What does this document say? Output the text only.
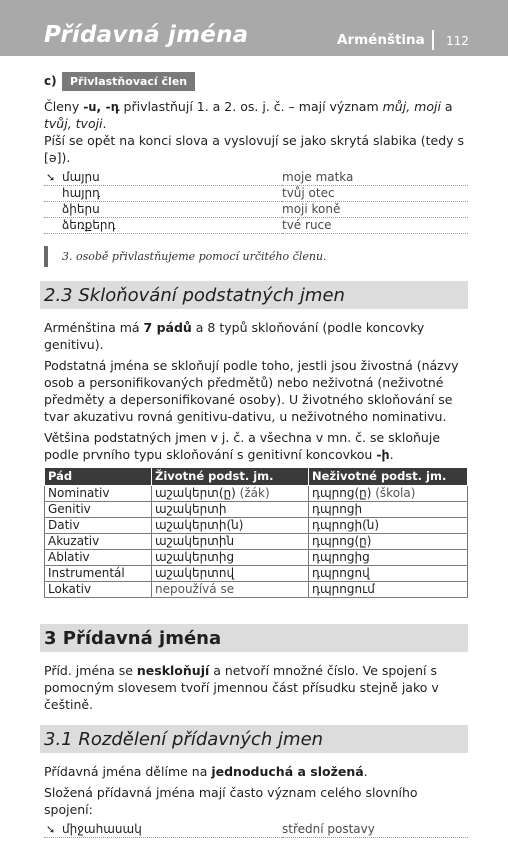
Přídavná jména	Arménština 112
c)	Přivlastňovací člen

Členy -ս, -դ přivlastňují 1. a 2. os. j. č. – mají význam můj, moji a tvůj, tvoji.
Píší se opět na konci slova a vyslovují se jako skrytá slabika (tedy s [ə]).

➘ մայրս	moje matka
հայրդ	tvůj otec
ձիերս	moji koně
ձեռքերդ	tvé ruce
3. osobě přivlastňujeme pomocí určitého členu.
2.3 Skloňování podstatných jmen

Arménština má 7 pádů a 8 typů skloňování (podle koncovky genitivu).

Podstatná jména se skloňují podle toho, jestli jsou živostná (názvy osob a personifikovaných předmětů) nebo neživotná (neživotné předměty a depersonifikované osoby). U životného skloňování se tvar akuzativu rovná genitivu-dativu, u neživotného nominativu.

Většina podstatných jmen v j. č. a všechna v mn. č. se skloňuje podle prvního typu skloňování s genitivní koncovkou -ի.

Pád	Životné podst. jm.	Neživotné podst. jm.
Nominativ	աշակերտ(ը) (žák)	դպրոց(ը) (škola)
Genitiv	աշակերտի	դպրոցի
Dativ	աշակերտի(ն)	դպրոցի(ն)
Akuzativ	աշակերտին	դպրոց(ը)
Ablativ	աշակերտից	դպրոցից
Instrumentál	աշակերտով	դպրոցով
Lokativ	nepoužívá se	դպրոցում
3 Přídavná jména

Příd. jména se neskloňují a netvoří množné číslo. Ve spojení s pomocným slovesem tvoří jmennou část přísudku stejně jako v češtině.

3.1 Rozdělení přídavných jmen

Přídavná jména dělíme na jednoduchá a složená.

Složená přídavná jména mají často význam celého slovního spojení:

➘ միջահասակ	střední postavy
